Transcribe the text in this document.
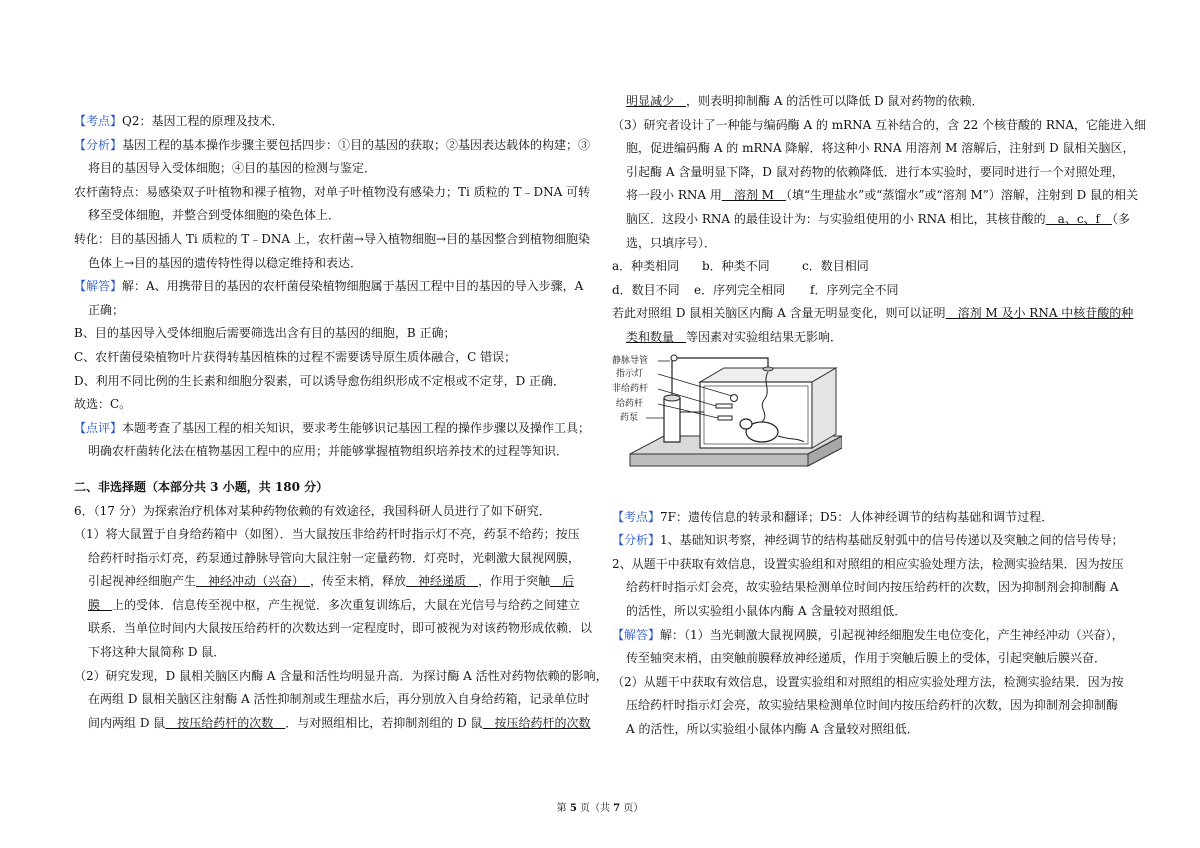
【考点】Q2：基因工程的原理及技术．
【分析】基因工程的基本操作步骤主要包括四步：①目的基因的获取；②基因表达载体的构建；③
将目的基因导入受体细胞；④目的基因的检测与鉴定．
农杆菌特点：易感染双子叶植物和裸子植物，对单子叶植物没有感染力；Ti 质粒的 T﹣DNA 可转
移至受体细胞，并整合到受体细胞的染色体上．
转化：目的基因插人 Ti 质粒的 T﹣DNA 上，农杆菌→导入植物细胞→目的基因整合到植物细胞染
色体上→目的基因的遗传特性得以稳定维持和表达．
【解答】解：A、用携带目的基因的农杆菌侵染植物细胞属于基因工程中目的基因的导入步骤，A
正确；
B、目的基因导入受体细胞后需要筛选出含有目的基因的细胞，B 正确；
C、农杆菌侵染植物叶片获得转基因植株的过程不需要诱导原生质体融合，C 错误；
D、利用不同比例的生长素和细胞分裂素，可以诱导愈伤组织形成不定根或不定芽，D 正确．
故选：C。
【点评】本题考查了基因工程的相关知识，要求考生能够识记基因工程的操作步骤以及操作工具；
明确农杆菌转化法在植物基因工程中的应用；并能够掌握植物组织培养技术的过程等知识．
二、非选择题（本部分共 3 小题，共 180 分）
6．（17 分）为探索治疗机体对某种药物依赖的有效途径，我国科研人员进行了如下研究．
（1）将大鼠置于自身给药箱中（如图）．当大鼠按压非给药杆时指示灯不亮，药泵不给药；按压
给药杆时指示灯亮，药泵通过静脉导管向大鼠注射一定量药物．灯亮时，光刺激大鼠视网膜，
引起视神经细胞产生　神经冲动（兴奋）　，传至末梢，释放　神经递质　，作用于突触　后
膜　上的受体．信息传至视中枢，产生视觉．多次重复训练后，大鼠在光信号与给药之间建立
联系．当单位时间内大鼠按压给药杆的次数达到一定程度时，即可被视为对该药物形成依赖．以
下将这种大鼠简称 D 鼠．
（2）研究发现，D 鼠相关脑区内酶 A 含量和活性均明显升高．为探讨酶 A 活性对药物依赖的影响，
在两组 D 鼠相关脑区注射酶 A 活性抑制剂或生理盐水后，再分别放入自身给药箱，记录单位时
间内两组 D 鼠　按压给药杆的次数　．与对照组相比，若抑制剂组的 D 鼠　按压给药杆的次数
明显减少　，则表明抑制酶 A 的活性可以降低 D 鼠对药物的依赖．
（3）研究者设计了一种能与编码酶 A 的 mRNA 互补结合的，含 22 个核苷酸的 RNA，它能进入细
胞，促进编码酶 A 的 mRNA 降解．将这种小 RNA 用溶剂 M 溶解后，注射到 D 鼠相关脑区，
引起酶 A 含量明显下降，D 鼠对药物的依赖降低．进行本实验时，要同时进行一个对照处理，
将一段小 RNA 用　溶剂 M　（填“生理盐水”或“蒸馏水”或“溶剂 M”）溶解，注射到 D 鼠的相关
脑区．这段小 RNA 的最佳设计为：与实验组使用的小 RNA 相比，其核苷酸的　a、c、f　（多
选，只填序号）．
a．种类相同 b．种类不同	c．数目相同
d．数目不同 e．序列完全相同 f．序列完全不同
若此对照组 D 鼠相关脑区内酶 A 含量无明显变化，则可以证明　溶剂 M 及小 RNA 中核苷酸的种
类和数量　等因素对实验组结果无影响．
静脉导管
指示灯
非给药杆
给药杆
药泵
【考点】7F：遗传信息的转录和翻译；D5：人体神经调节的结构基础和调节过程．
【分析】1、基础知识考察，神经调节的结构基础反射弧中的信号传递以及突触之间的信号传导；
2、从题干中获取有效信息，设置实验组和对照组的相应实验处理方法，检测实验结果．因为按压
给药杆时指示灯会亮，故实验结果检测单位时间内按压给药杆的次数，因为抑制剂会抑制酶 A
的活性，所以实验组小鼠体内酶 A 含量较对照组低．
【解答】解：（1）当光刺激大鼠视网膜，引起视神经细胞发生电位变化，产生神经冲动（兴奋），
传至轴突末梢，由突触前膜释放神经递质，作用于突触后膜上的受体，引起突触后膜兴奋．
（2）从题干中获取有效信息，设置实验组和对照组的相应实验处理方法，检测实验结果．因为按
压给药杆时指示灯会亮，故实验结果检测单位时间内按压给药杆的次数，因为抑制剂会抑制酶
A 的活性，所以实验组小鼠体内酶 A 含量较对照组低．
第 5 页（共 7 页）
